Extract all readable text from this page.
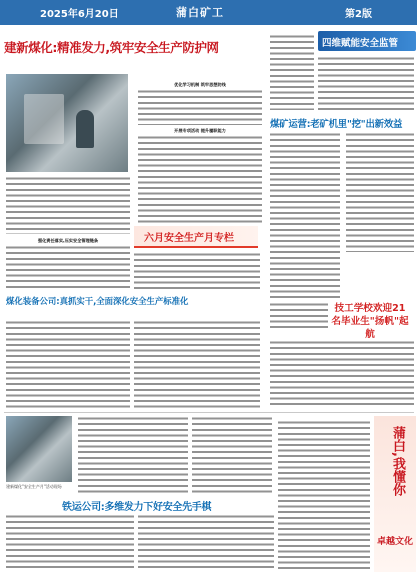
2025年6月20日	蒲白矿工	第2版
建新煤化:精准发力,筑牢安全生产防护网
优化学习机制 筑牢思想防线
开展专项活动 提升履职能力
强化责任落实,压实安全管理链条	六月安全生产月专栏
四维赋能安全监管
煤矿运营:老矿机里"挖"出新效益
技工学校欢迎21名毕业生"扬帆"起航
煤化装备公司:真抓实干,全面深化安全生产标准化
建新煤化"安全生产月"活动现场
铁运公司:多维发力下好安全先手棋
蒲白,我懂你
卓越文化
